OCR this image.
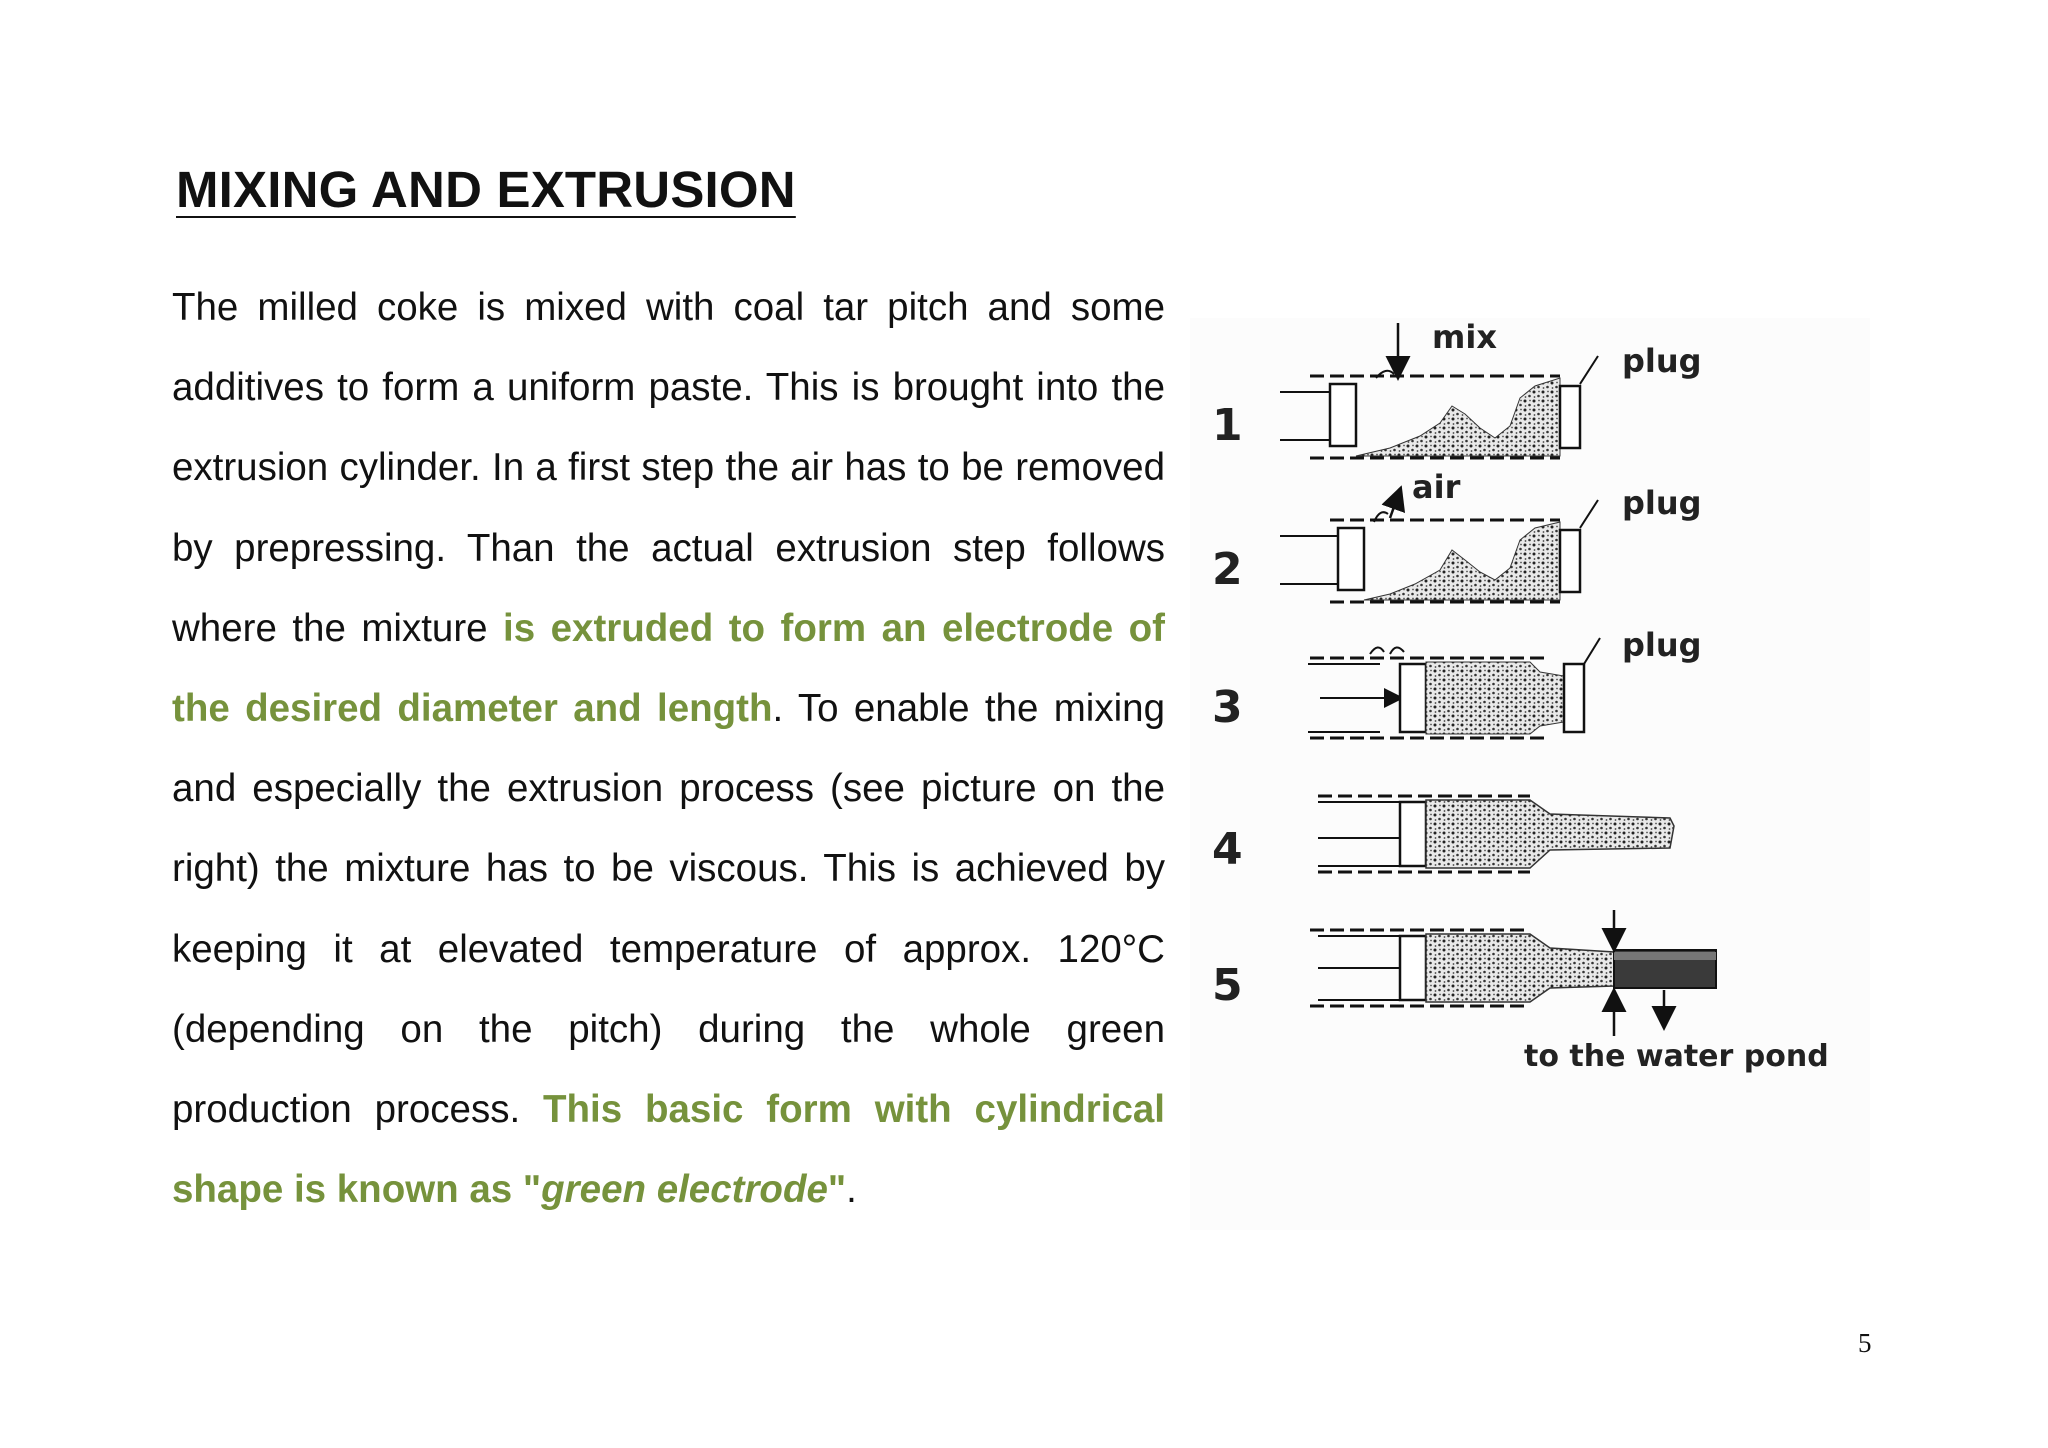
MIXING AND EXTRUSION

The milled coke is mixed with coal tar pitch and some additives to form a uniform paste. This is brought into the extrusion cylinder. In a first step the air has to be removed by prepressing. Than the actual extrusion step follows where the mixture is extruded to form an electrode of the desired diameter and length. To enable the mixing and especially the extrusion process (see picture on the right) the mixture has to be viscous. This is achieved by keeping it at elevated temperature of approx. 120°C (depending on the pitch) during the whole green production process. This basic form with cylindrical shape is known as "green electrode".

1
mix
plug
2
air	plug
3
plug
4
5
to the water pond
5
